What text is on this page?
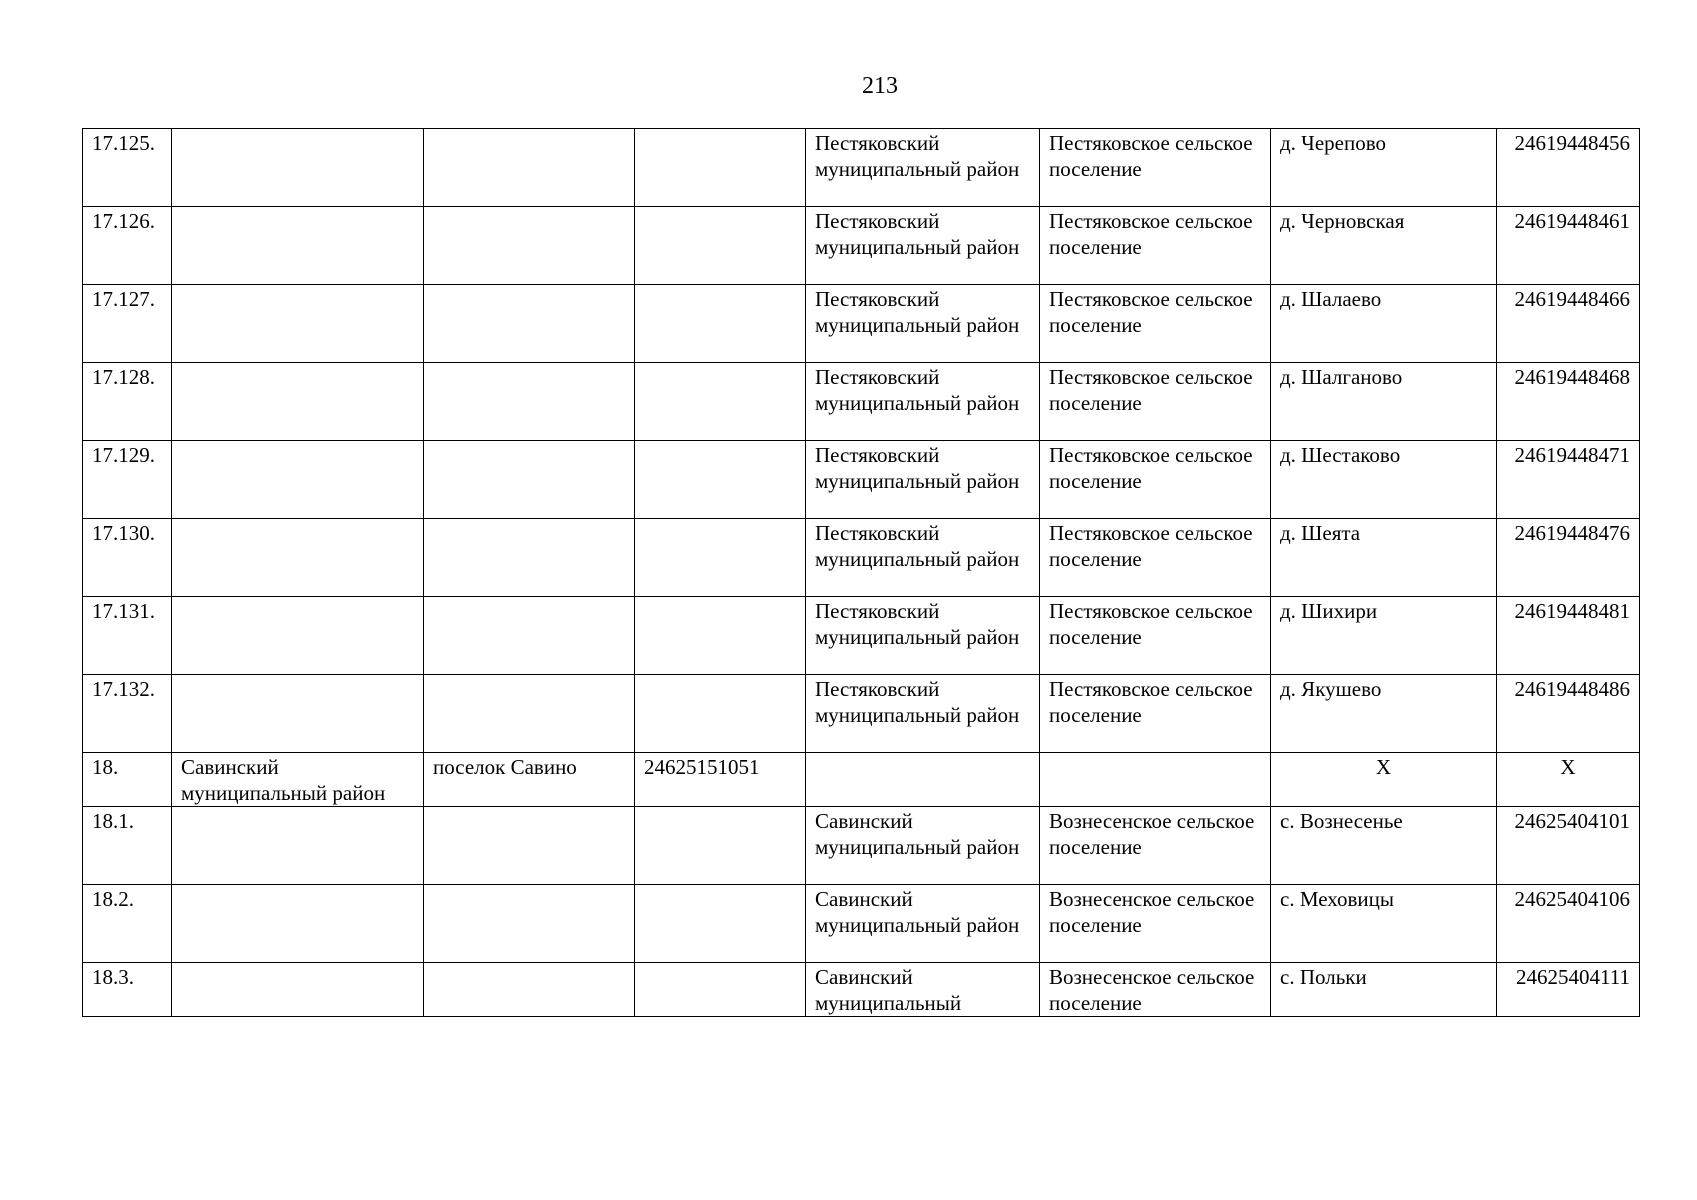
213
17.125.				Пестяковский муниципальный район	Пестяковское сельское поселение	д. Черепово	24619448456
17.126.				Пестяковский муниципальный район	Пестяковское сельское поселение	д. Черновская	24619448461
17.127.				Пестяковский муниципальный район	Пестяковское сельское поселение	д. Шалаево	24619448466
17.128.				Пестяковский муниципальный район	Пестяковское сельское поселение	д. Шалганово	24619448468
17.129.				Пестяковский муниципальный район	Пестяковское сельское поселение	д. Шестаково	24619448471
17.130.				Пестяковский муниципальный район	Пестяковское сельское поселение	д. Шеята	24619448476
17.131.				Пестяковский муниципальный район	Пестяковское сельское поселение	д. Шихири	24619448481
17.132.				Пестяковский муниципальный район	Пестяковское сельское поселение	д. Якушево	24619448486
18.	Савинский муниципальный район	поселок Савино	24625151051			X	X
18.1.				Савинский муниципальный район	Вознесенское сельское поселение	с. Вознесенье	24625404101
18.2.				Савинский муниципальный район	Вознесенское сельское поселение	с. Меховицы	24625404106
18.3.				Савинский муниципальный	Вознесенское сельское поселение	с. Польки	24625404111
